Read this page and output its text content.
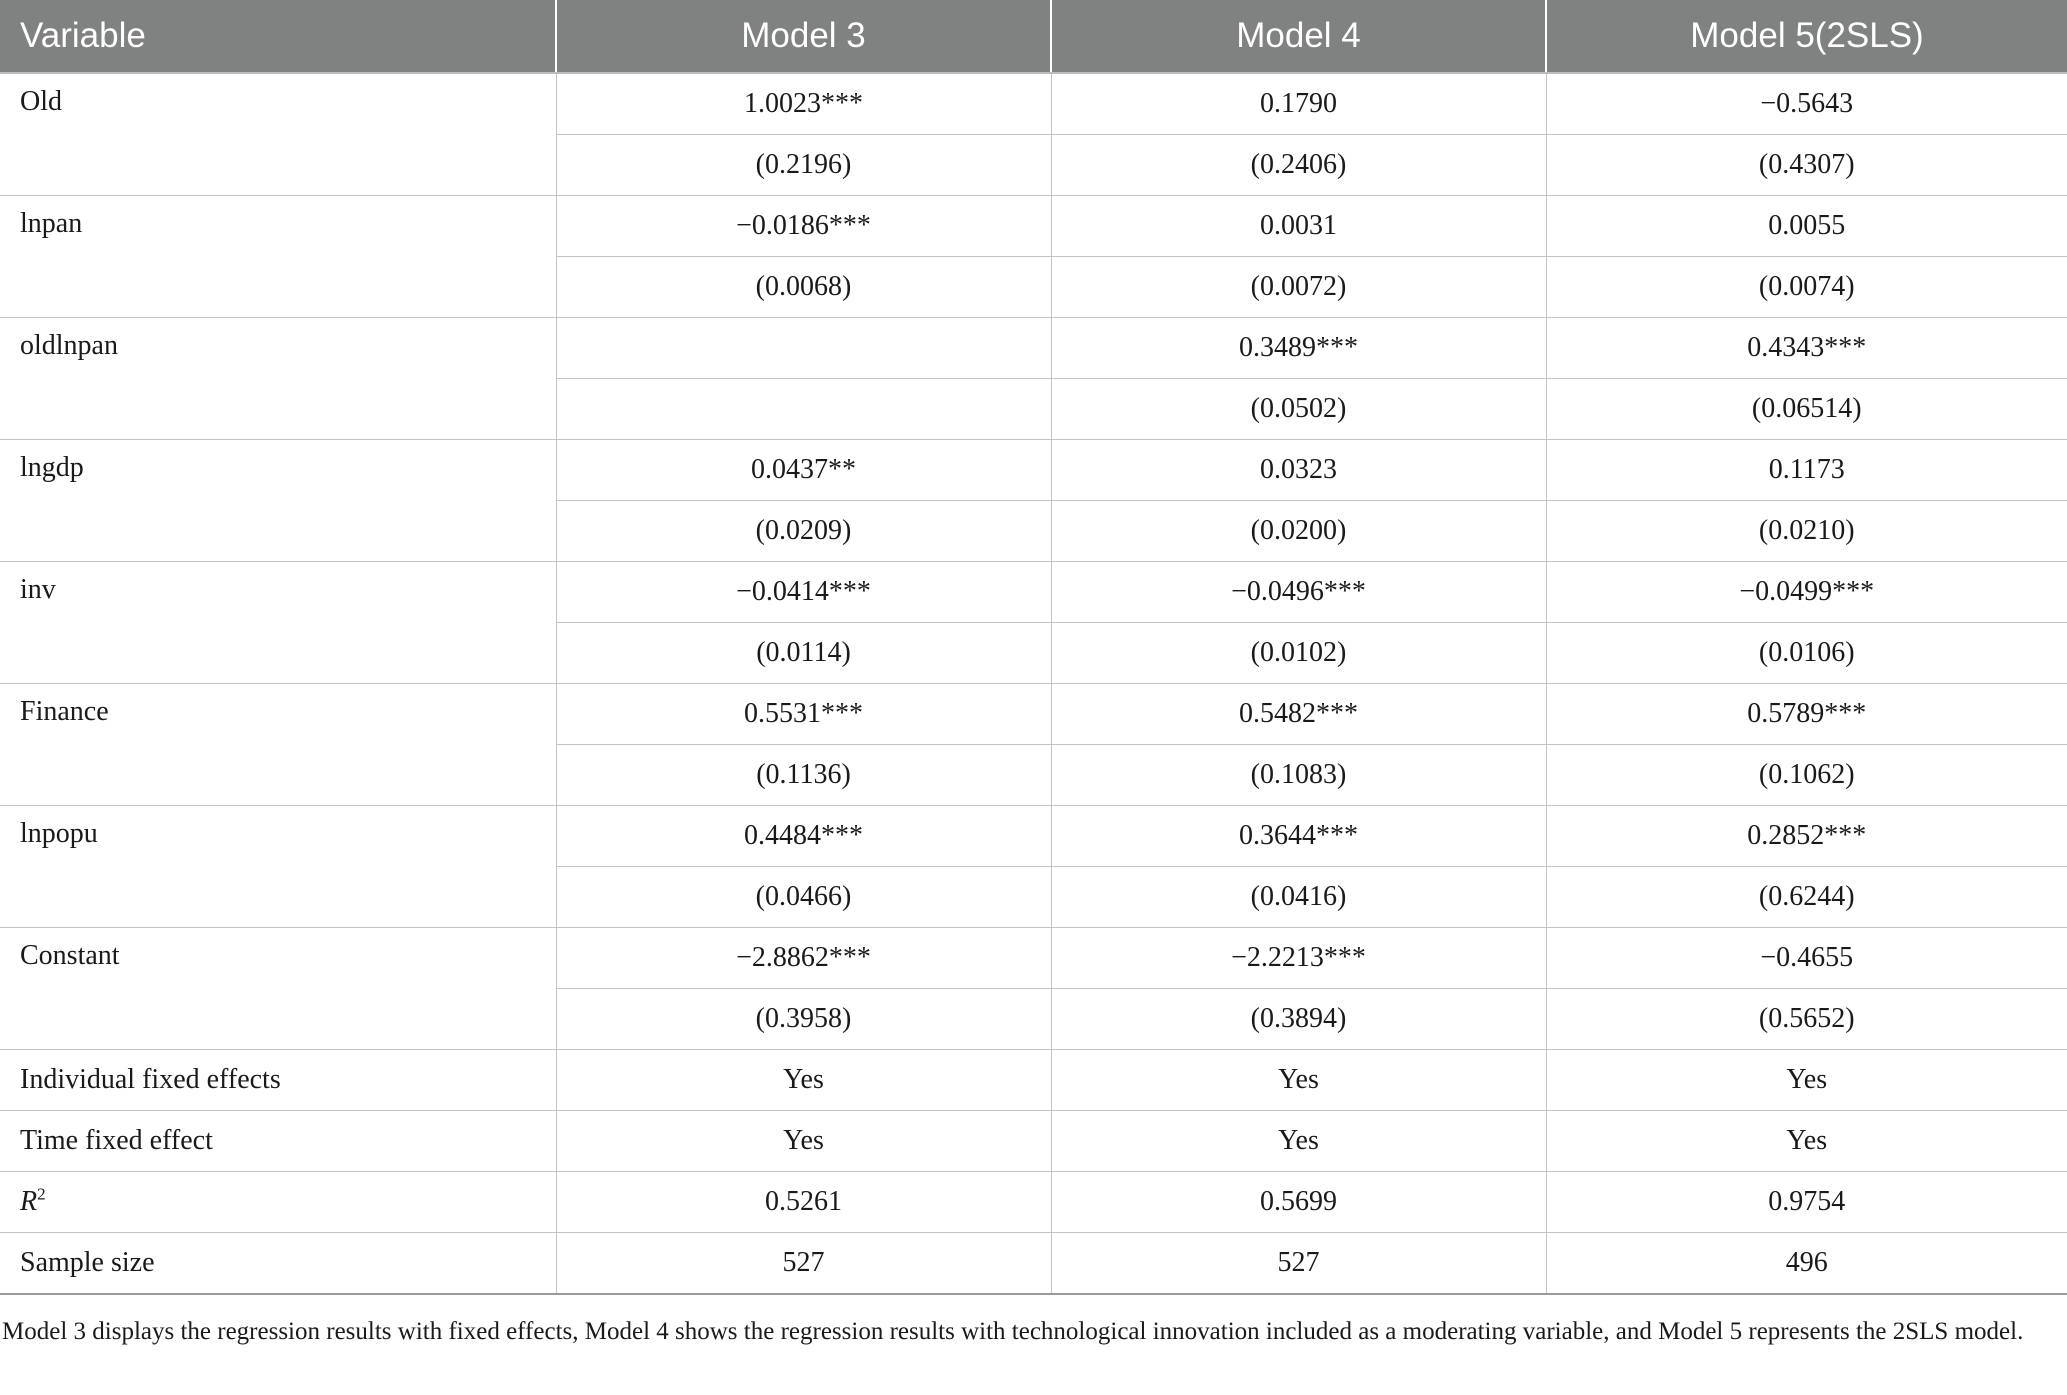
Variable	Model 3	Model 4	Model 5(2SLS)
Old	1.0023***	0.1790	−0.5643
	(0.2196)	(0.2406)	(0.4307)
lnpan	−0.0186***	0.0031	0.0055
	(0.0068)	(0.0072)	(0.0074)
oldlnpan		0.3489***	0.4343***
		(0.0502)	(0.06514)
lngdp	0.0437**	0.0323	0.1173
	(0.0209)	(0.0200)	(0.0210)
inv	−0.0414***	−0.0496***	−0.0499***
	(0.0114)	(0.0102)	(0.0106)
Finance	0.5531***	0.5482***	0.5789***
	(0.1136)	(0.1083)	(0.1062)
lnpopu	0.4484***	0.3644***	0.2852***
	(0.0466)	(0.0416)	(0.6244)
Constant	−2.8862***	−2.2213***	−0.4655
	(0.3958)	(0.3894)	(0.5652)
Individual fixed effects	Yes	Yes	Yes
Time fixed effect	Yes	Yes	Yes
$R^2$	0.5261	0.5699	0.9754
Sample size	527	527	496

Model 3 displays the regression results with fixed effects, Model 4 shows the regression results with technological innovation included as a moderating variable, and Model 5 represents the 2SLS model.
